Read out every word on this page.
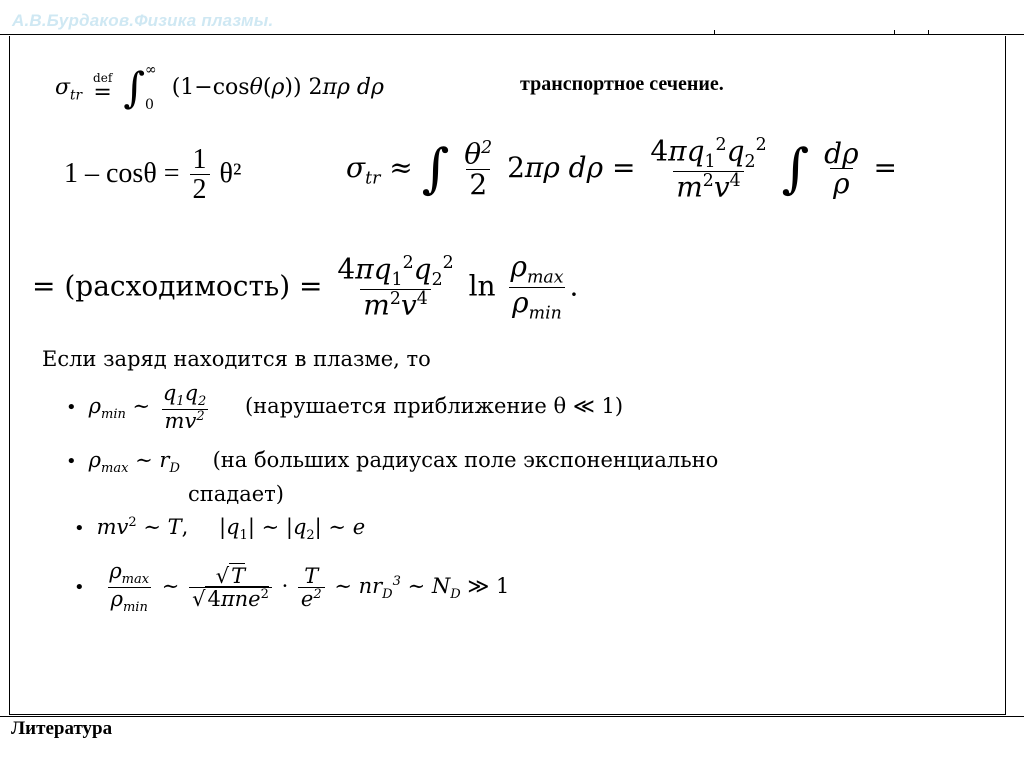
А.В.Бурдаков.Физика плазмы.
$\sigma_{tr}$
def
= ∫ ∞
0
(1−cosθ(ρ)) 2πρ dρ	транспортное сечение.
$1 - \cos\theta = \frac{1}{2} \theta^2$	$\sigma_{tr}$ ≈ ∫ $\frac{\theta^2}{2} 2\pi\rho$ $d\rho = \frac{4\pi q_1^2q_2^2}{m^2v^4}$ ∫ $\frac{d\rho}{\rho}$ =
= (расходимость) = $\frac{4\pi q_1^2q_2^2}{m^2v^4}$ $\ln \frac{\rho_{max}}{\rho_{min}}$ .
Если заряд находится в плазме, то
• $\rho_{min}$ ∼ $\frac{q_1q_2}{mv^2}$ (нарушается приближение θ ≪ 1)
• $\rho_{max}$ ∼ $r_D$ (на больших радиусах поле экспоненциально
спадает)
• $mv^2$ ∼ T, $|q_1|$ ∼ $|q_2|$ ∼ e
• $\frac{\rho_{max}}{\rho_{min}}$ ∼ $\frac{√T}{√4\pi ne^2} \cdot \frac{T}{e^2}$ ∼ $nr_D^3$ ∼ $N_D$ ≫ 1
Литература
